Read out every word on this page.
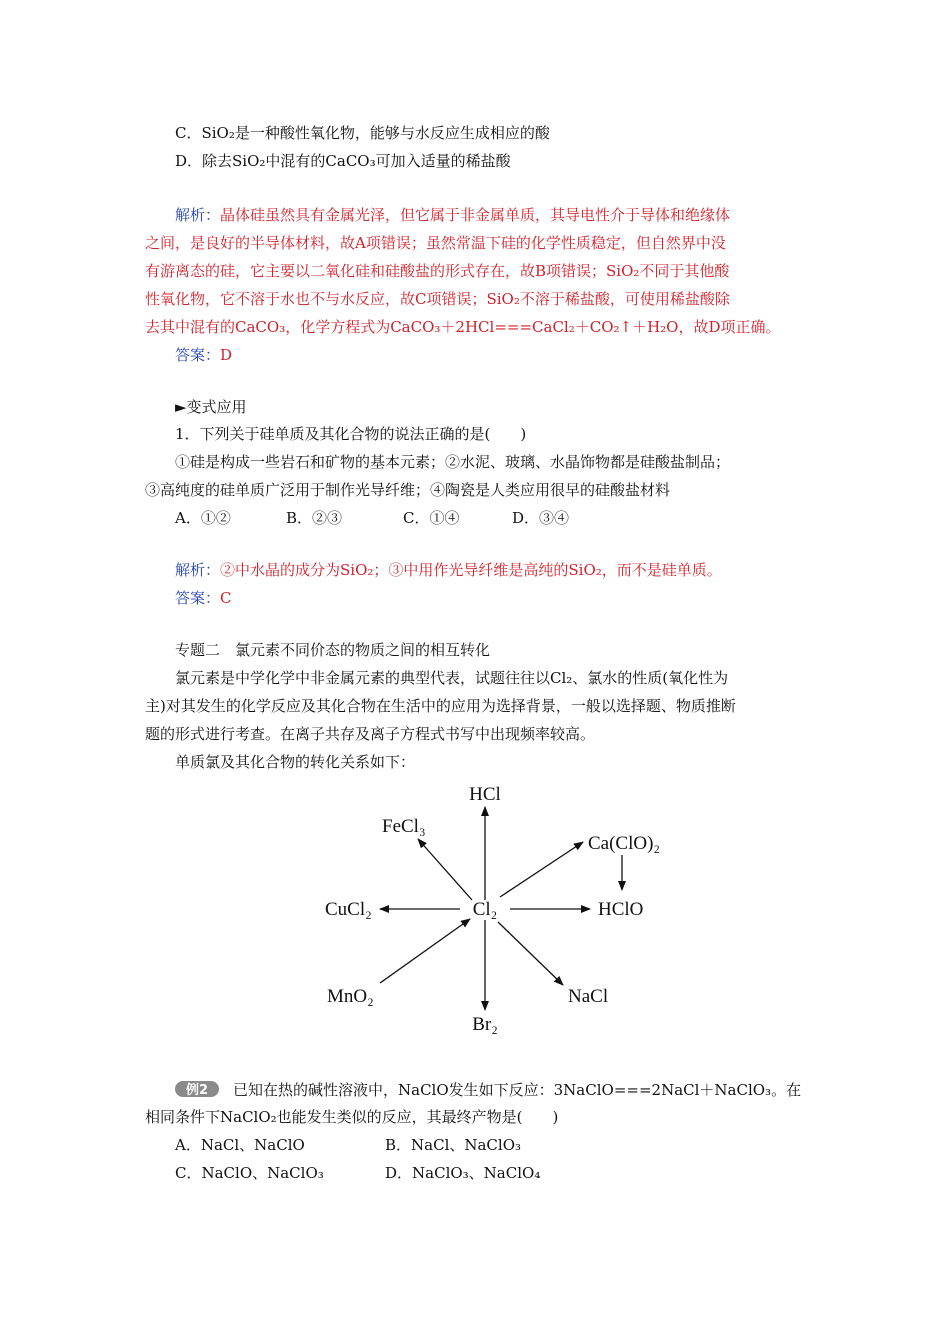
C．SiO₂是一种酸性氧化物，能够与水反应生成相应的酸
D．除去SiO₂中混有的CaCO₃可加入适量的稀盐酸
解析：晶体硅虽然具有金属光泽，但它属于非金属单质，其导电性介于导体和绝缘体
之间，是良好的半导体材料，故A项错误；虽然常温下硅的化学性质稳定，但自然界中没
有游离态的硅，它主要以二氧化硅和硅酸盐的形式存在，故B项错误；SiO₂不同于其他酸
性氧化物，它不溶于水也不与水反应，故C项错误；SiO₂不溶于稀盐酸，可使用稀盐酸除
去其中混有的CaCO₃，化学方程式为CaCO₃＋2HCl===CaCl₂＋CO₂↑＋H₂O，故D项正确。
答案：D
►变式应用
1．下列关于硅单质及其化合物的说法正确的是(　　)
①硅是构成一些岩石和矿物的基本元素；②水泥、玻璃、水晶饰物都是硅酸盐制品；
③高纯度的硅单质广泛用于制作光导纤维；④陶瓷是人类应用很早的硅酸盐材料
A．①②	B．②③	C．①④	D．③④
解析：②中水晶的成分为SiO₂；③中用作光导纤维是高纯的SiO₂，而不是硅单质。
答案：C
专题二　氯元素不同价态的物质之间的相互转化
氯元素是中学化学中非金属元素的典型代表，试题往往以Cl₂、氯水的性质(氧化性为
主)对其发生的化学反应及其化合物在生活中的应用为选择背景，一般以选择题、物质推断
题的形式进行考查。在离子共存及离子方程式书写中出现频率较高。
单质氯及其化合物的转化关系如下：
Cl₂
HCl
FeCl₃
Ca(ClO)₂
HClO
CuCl₂
MnO₂	NaCl
Br₂
例2 已知在热的碱性溶液中，NaClO发生如下反应：3NaClO===2NaCl＋NaClO₃。在
相同条件下NaClO₂也能发生类似的反应，其最终产物是(　　)
A．NaCl、NaClO	B．NaCl、NaClO₃
C．NaClO、NaClO₃	D．NaClO₃、NaClO₄
